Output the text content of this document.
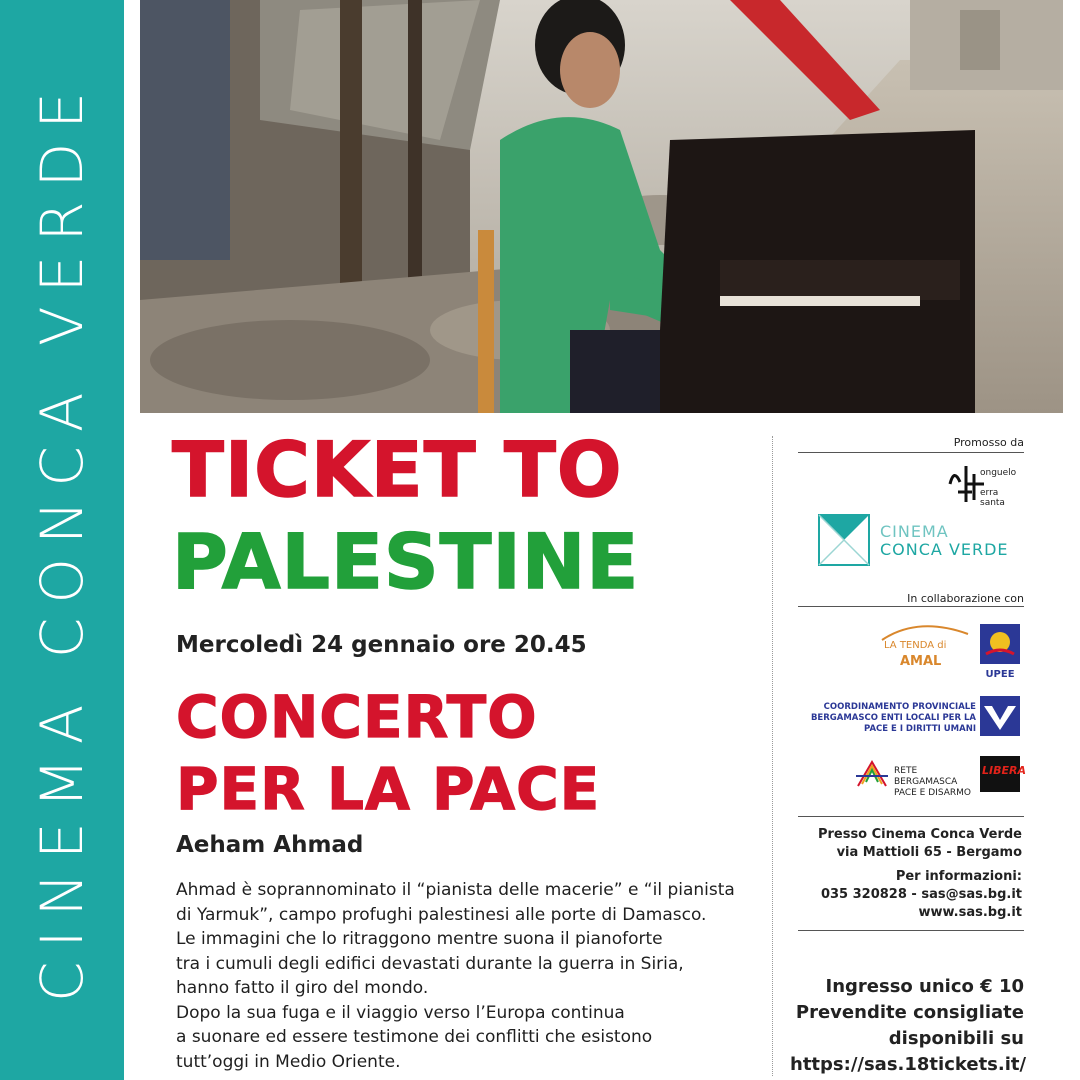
CINEMA CONCA VERDE TICKET TO
PALESTINE
Mercoledì 24 gennaio ore 20.45
CONCERTO
PER LA PACE
Aeham Ahmad

Ahmad è soprannominato il “pianista delle macerie” e “il pianista

di Yarmuk”, campo profughi palestinesi alle porte di Damasco.

Le immagini che lo ritraggono mentre suona il pianoforte

tra i cumuli degli edifici devastati durante la guerra in Siria,

hanno fatto il giro del mondo.

Dopo la sua fuga e il viaggio verso l’Europa continua

a suonare ed essere testimone dei conflitti che esistono

tutt’oggi in Medio Oriente.

Promosso da
onguelo
erra santa
CINEMA
CONCA VERDE
In collaborazione con
LA TENDA di
AMAL
UPEE
COORDINAMENTO PROVINCIALE
BERGAMASCO ENTI LOCALI PER LA
PACE E I DIRITTI UMANI
RETE BERGAMASCA
PACE E DISARMO
LIBERA
Presso Cinema Conca Verde
via Mattioli 65 - Bergamo
Per informazioni:
035 320828 - sas@sas.bg.it
www.sas.bg.it
Ingresso unico € 10
Prevendite consigliate
disponibili su
https://sas.18tickets.it/
